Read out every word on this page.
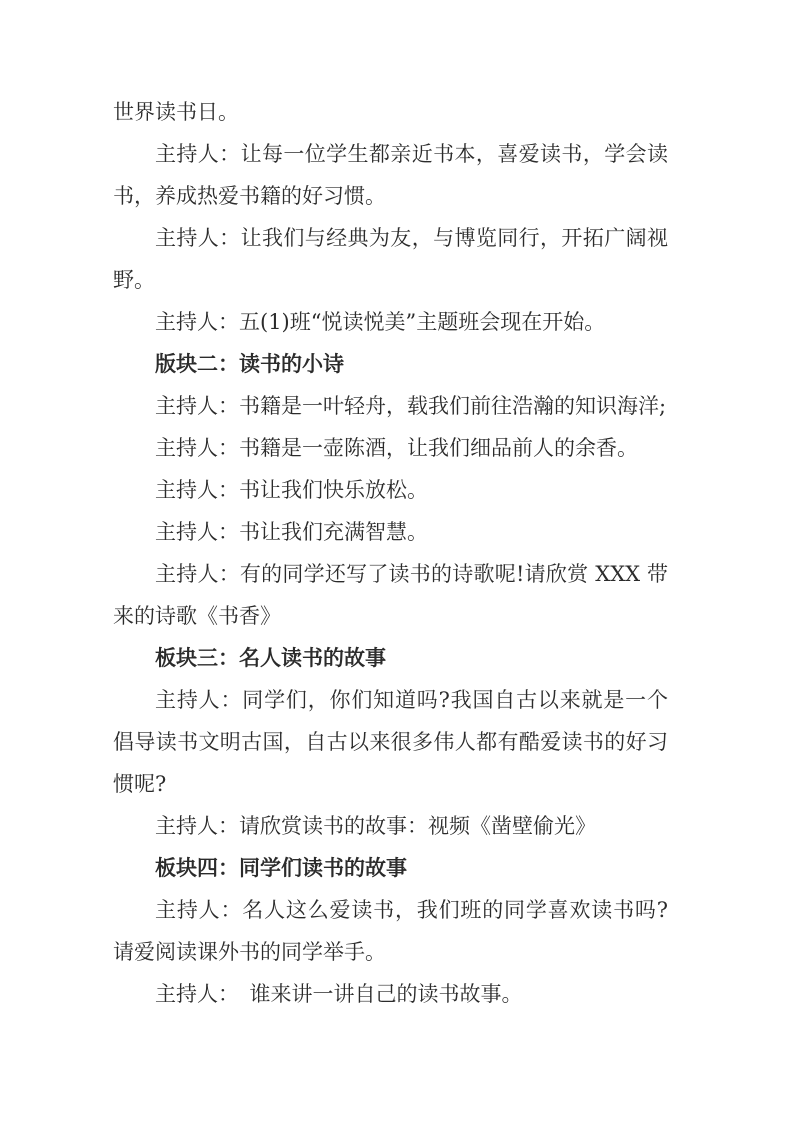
世界读书日。

主持人：让每一位学生都亲近书本，喜爱读书，学会读书，养成热爱书籍的好习惯。

主持人：让我们与经典为友，与博览同行，开拓广阔视野。

主持人：五(1)班“悦读悦美”主题班会现在开始。

版块二：读书的小诗

主持人：书籍是一叶轻舟，载我们前往浩瀚的知识海洋;

主持人：书籍是一壶陈酒，让我们细品前人的余香。

主持人：书让我们快乐放松。

主持人：书让我们充满智慧。

主持人：有的同学还写了读书的诗歌呢!请欣赏 XXX 带来的诗歌《书香》

板块三：名人读书的故事

主持人：同学们，你们知道吗?我国自古以来就是一个倡导读书文明古国，自古以来很多伟人都有酷爱读书的好习惯呢?

主持人：请欣赏读书的故事：视频《凿壁偷光》

板块四：同学们读书的故事

主持人：名人这么爱读书，我们班的同学喜欢读书吗?请爱阅读课外书的同学举手。

主持人：　谁来讲一讲自己的读书故事。
